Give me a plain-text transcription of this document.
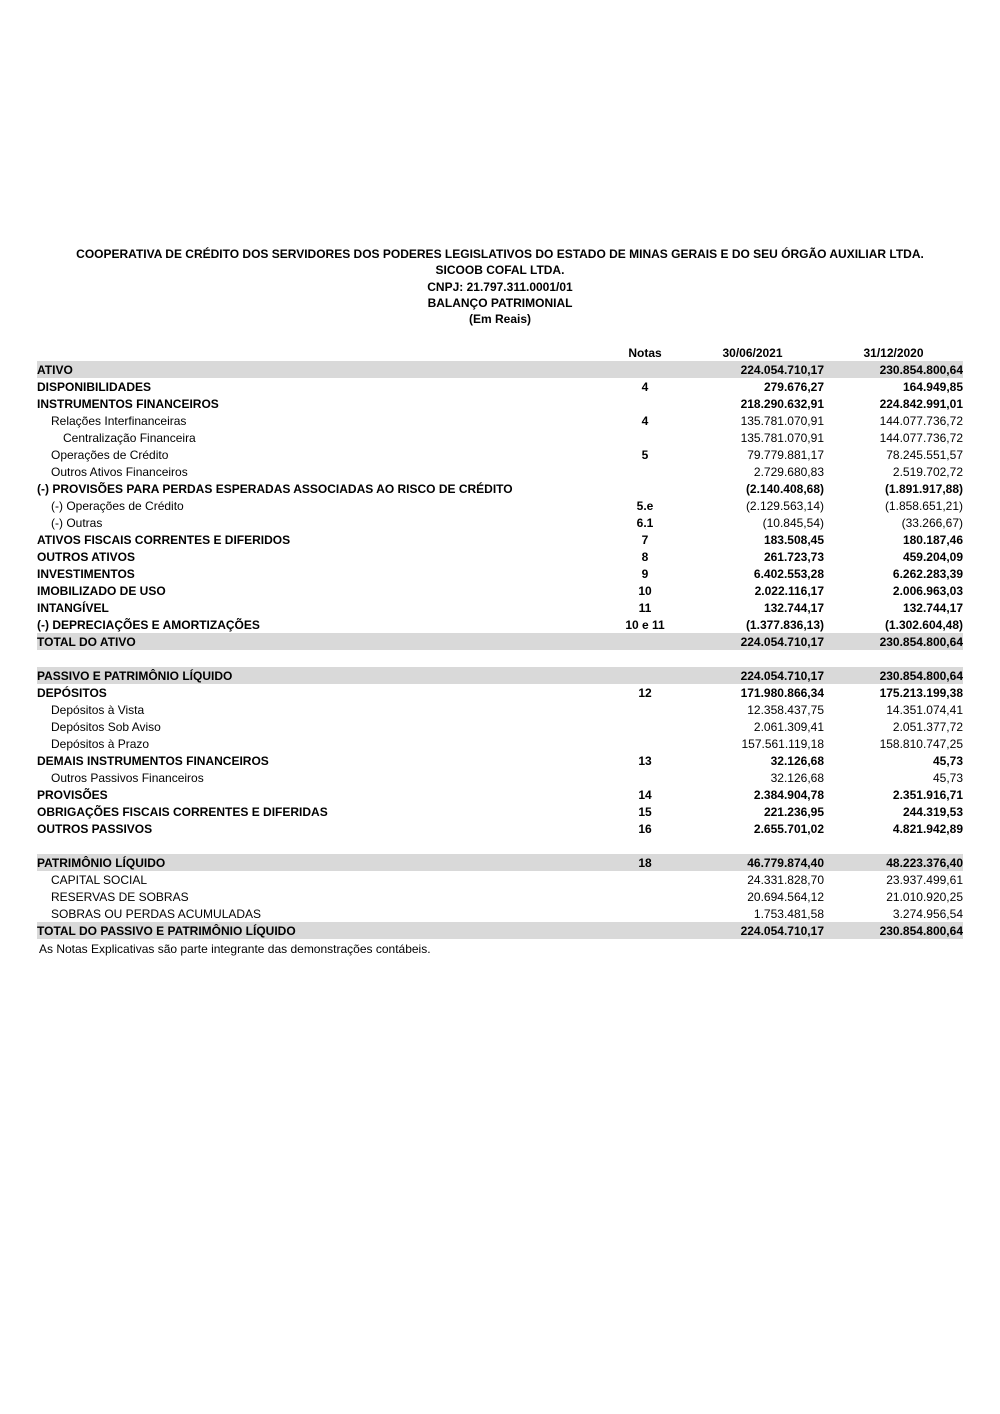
COOPERATIVA DE CRÉDITO DOS SERVIDORES DOS PODERES LEGISLATIVOS DO ESTADO DE MINAS GERAIS E DO SEU ÓRGÃO AUXILIAR LTDA.
SICOOB COFAL LTDA.
CNPJ: 21.797.311.0001/01
BALANÇO PATRIMONIAL
(Em Reais)
	Notas	30/06/2021	31/12/2020
ATIVO		224.054.710,17	230.854.800,64
DISPONIBILIDADES	4	279.676,27	164.949,85
INSTRUMENTOS FINANCEIROS		218.290.632,91	224.842.991,01
Relações Interfinanceiras	4	135.781.070,91	144.077.736,72
Centralização Financeira		135.781.070,91	144.077.736,72
Operações de Crédito	5	79.779.881,17	78.245.551,57
Outros Ativos Financeiros		2.729.680,83	2.519.702,72
(-) PROVISÕES PARA PERDAS ESPERADAS ASSOCIADAS AO RISCO DE CRÉDITO		(2.140.408,68)	(1.891.917,88)
(-) Operações de Crédito	5.e	(2.129.563,14)	(1.858.651,21)
(-) Outras	6.1	(10.845,54)	(33.266,67)
ATIVOS FISCAIS CORRENTES E DIFERIDOS	7	183.508,45	180.187,46
OUTROS ATIVOS	8	261.723,73	459.204,09
INVESTIMENTOS	9	6.402.553,28	6.262.283,39
IMOBILIZADO DE USO	10	2.022.116,17	2.006.963,03
INTANGÍVEL	11	132.744,17	132.744,17
(-) DEPRECIAÇÕES E AMORTIZAÇÕES	10 e 11	(1.377.836,13)	(1.302.604,48)
TOTAL DO ATIVO		224.054.710,17	230.854.800,64

PASSIVO E PATRIMÔNIO LÍQUIDO		224.054.710,17	230.854.800,64
DEPÓSITOS	12	171.980.866,34	175.213.199,38
Depósitos à Vista		12.358.437,75	14.351.074,41
Depósitos Sob Aviso		2.061.309,41	2.051.377,72
Depósitos à Prazo		157.561.119,18	158.810.747,25
DEMAIS INSTRUMENTOS FINANCEIROS	13	32.126,68	45,73
Outros Passivos Financeiros		32.126,68	45,73
PROVISÕES	14	2.384.904,78	2.351.916,71
OBRIGAÇÕES FISCAIS CORRENTES E DIFERIDAS	15	221.236,95	244.319,53
OUTROS PASSIVOS	16	2.655.701,02	4.821.942,89

PATRIMÔNIO LÍQUIDO	18	46.779.874,40	48.223.376,40
CAPITAL SOCIAL		24.331.828,70	23.937.499,61
RESERVAS DE SOBRAS		20.694.564,12	21.010.920,25
SOBRAS OU PERDAS ACUMULADAS		1.753.481,58	3.274.956,54
TOTAL DO PASSIVO E PATRIMÔNIO LÍQUIDO		224.054.710,17	230.854.800,64
As Notas Explicativas são parte integrante das demonstrações contábeis.
